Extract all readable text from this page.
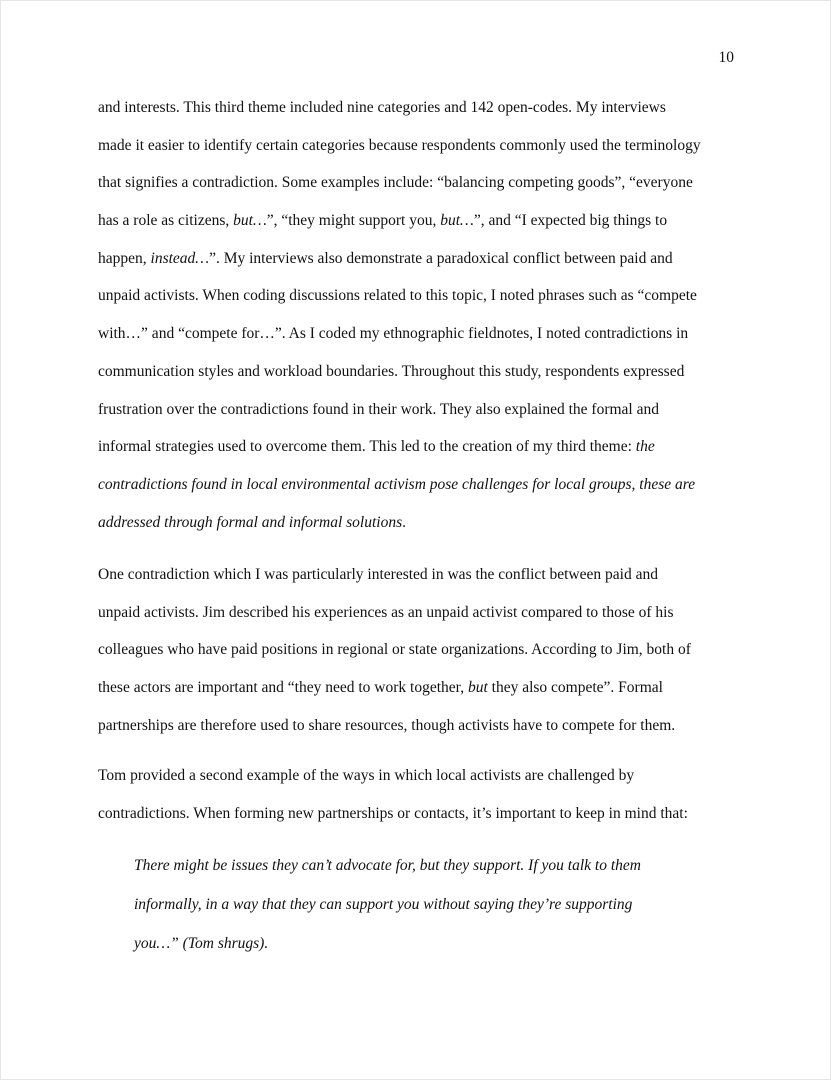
10
and interests. This third theme included nine categories and 142 open-codes. My interviews
made it easier to identify certain categories because respondents commonly used the terminology
that signifies a contradiction. Some examples include: “balancing competing goods”, “everyone
has a role as citizens, but…”, “they might support you, but…”, and “I expected big things to
happen, instead…”. My interviews also demonstrate a paradoxical conflict between paid and
unpaid activists. When coding discussions related to this topic, I noted phrases such as “compete
with…” and “compete for…”. As I coded my ethnographic fieldnotes, I noted contradictions in
communication styles and workload boundaries. Throughout this study, respondents expressed
frustration over the contradictions found in their work. They also explained the formal and
informal strategies used to overcome them. This led to the creation of my third theme: the
contradictions found in local environmental activism pose challenges for local groups, these are
addressed through formal and informal solutions.
One contradiction which I was particularly interested in was the conflict between paid and
unpaid activists. Jim described his experiences as an unpaid activist compared to those of his
colleagues who have paid positions in regional or state organizations. According to Jim, both of
these actors are important and “they need to work together, but they also compete”. Formal
partnerships are therefore used to share resources, though activists have to compete for them.
Tom provided a second example of the ways in which local activists are challenged by
contradictions. When forming new partnerships or contacts, it’s important to keep in mind that:
There might be issues they can’t advocate for, but they support. If you talk to them
informally, in a way that they can support you without saying they’re supporting
you…” (Tom shrugs).
